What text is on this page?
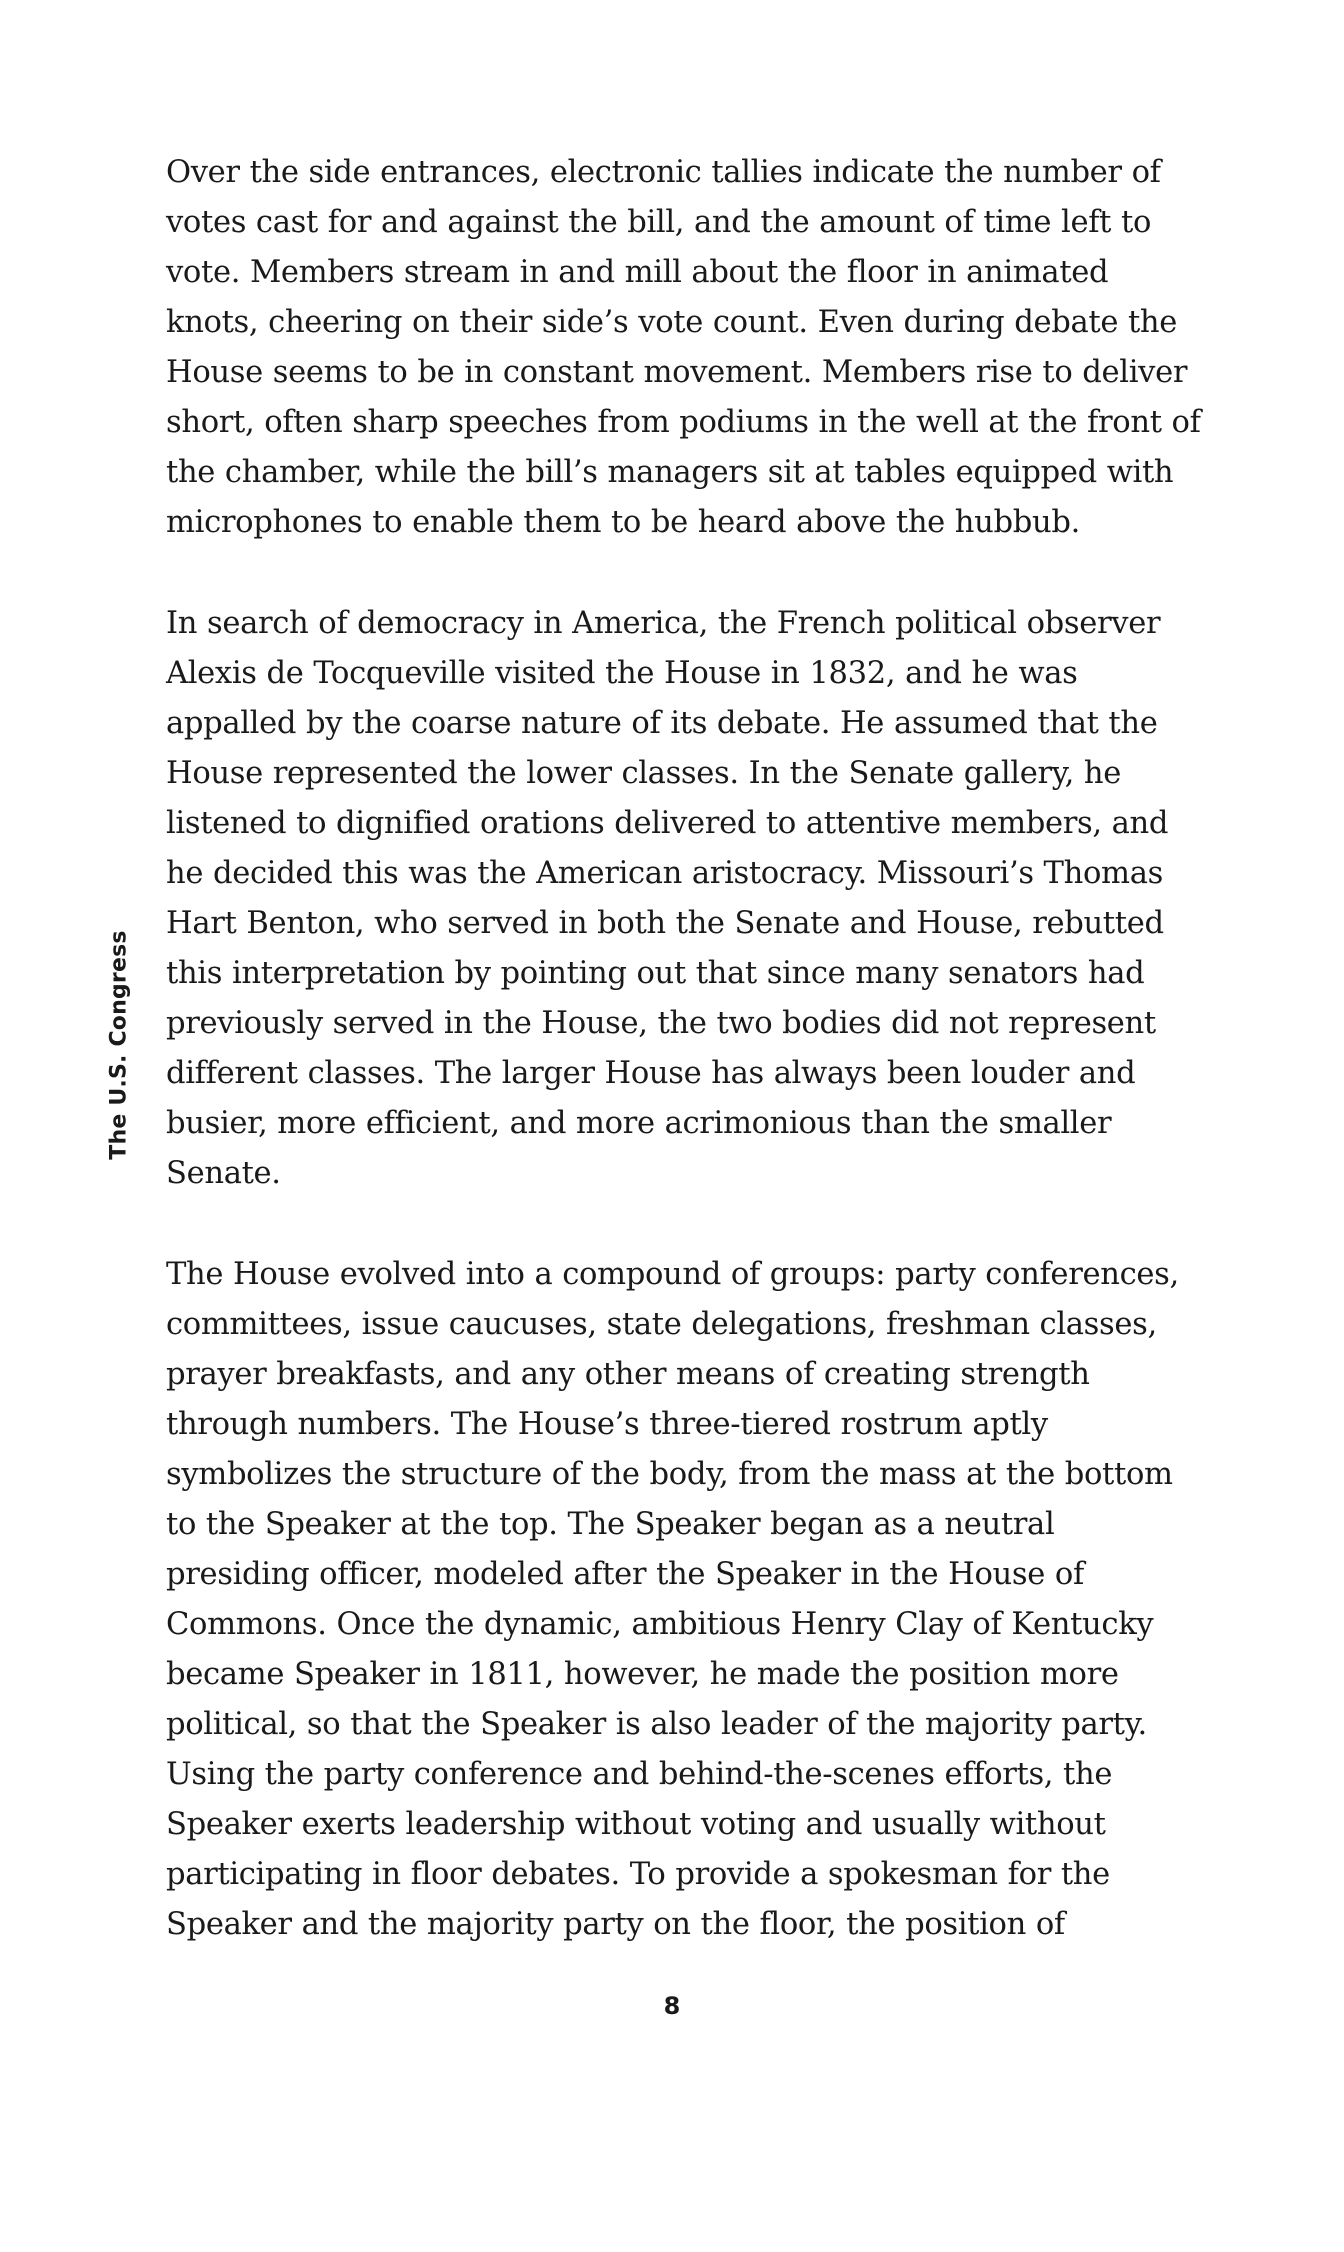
The U.S. Congress

Over the side entrances, electronic tallies indicate the number of votes cast for and against the bill, and the amount of time left to vote. Members stream in and mill about the floor in animated knots, cheering on their side’s vote count. Even during debate the House seems to be in constant movement. Members rise to deliver short, often sharp speeches from podiums in the well at the front of the chamber, while the bill’s managers sit at tables equipped with microphones to enable them to be heard above the hubbub.

In search of democracy in America, the French political observer Alexis de Tocqueville visited the House in 1832, and he was appalled by the coarse nature of its debate. He assumed that the House represented the lower classes. In the Senate gallery, he listened to dignified orations delivered to attentive members, and he decided this was the American aristocracy. Missouri’s Thomas Hart Benton, who served in both the Senate and House, rebutted this interpretation by pointing out that since many senators had previously served in the House, the two bodies did not represent different classes. The larger House has always been louder and busier, more efficient, and more acrimonious than the smaller Senate.

The House evolved into a compound of groups: party conferences, committees, issue caucuses, state delegations, freshman classes, prayer breakfasts, and any other means of creating strength through numbers. The House’s three-tiered rostrum aptly symbolizes the structure of the body, from the mass at the bottom to the Speaker at the top. The Speaker began as a neutral presiding officer, modeled after the Speaker in the House of Commons. Once the dynamic, ambitious Henry Clay of Kentucky became Speaker in 1811, however, he made the position more political, so that the Speaker is also leader of the majority party. Using the party conference and behind-the-scenes efforts, the Speaker exerts leadership without voting and usually without participating in floor debates. To provide a spokesman for the Speaker and the majority party on the floor, the position of

8
